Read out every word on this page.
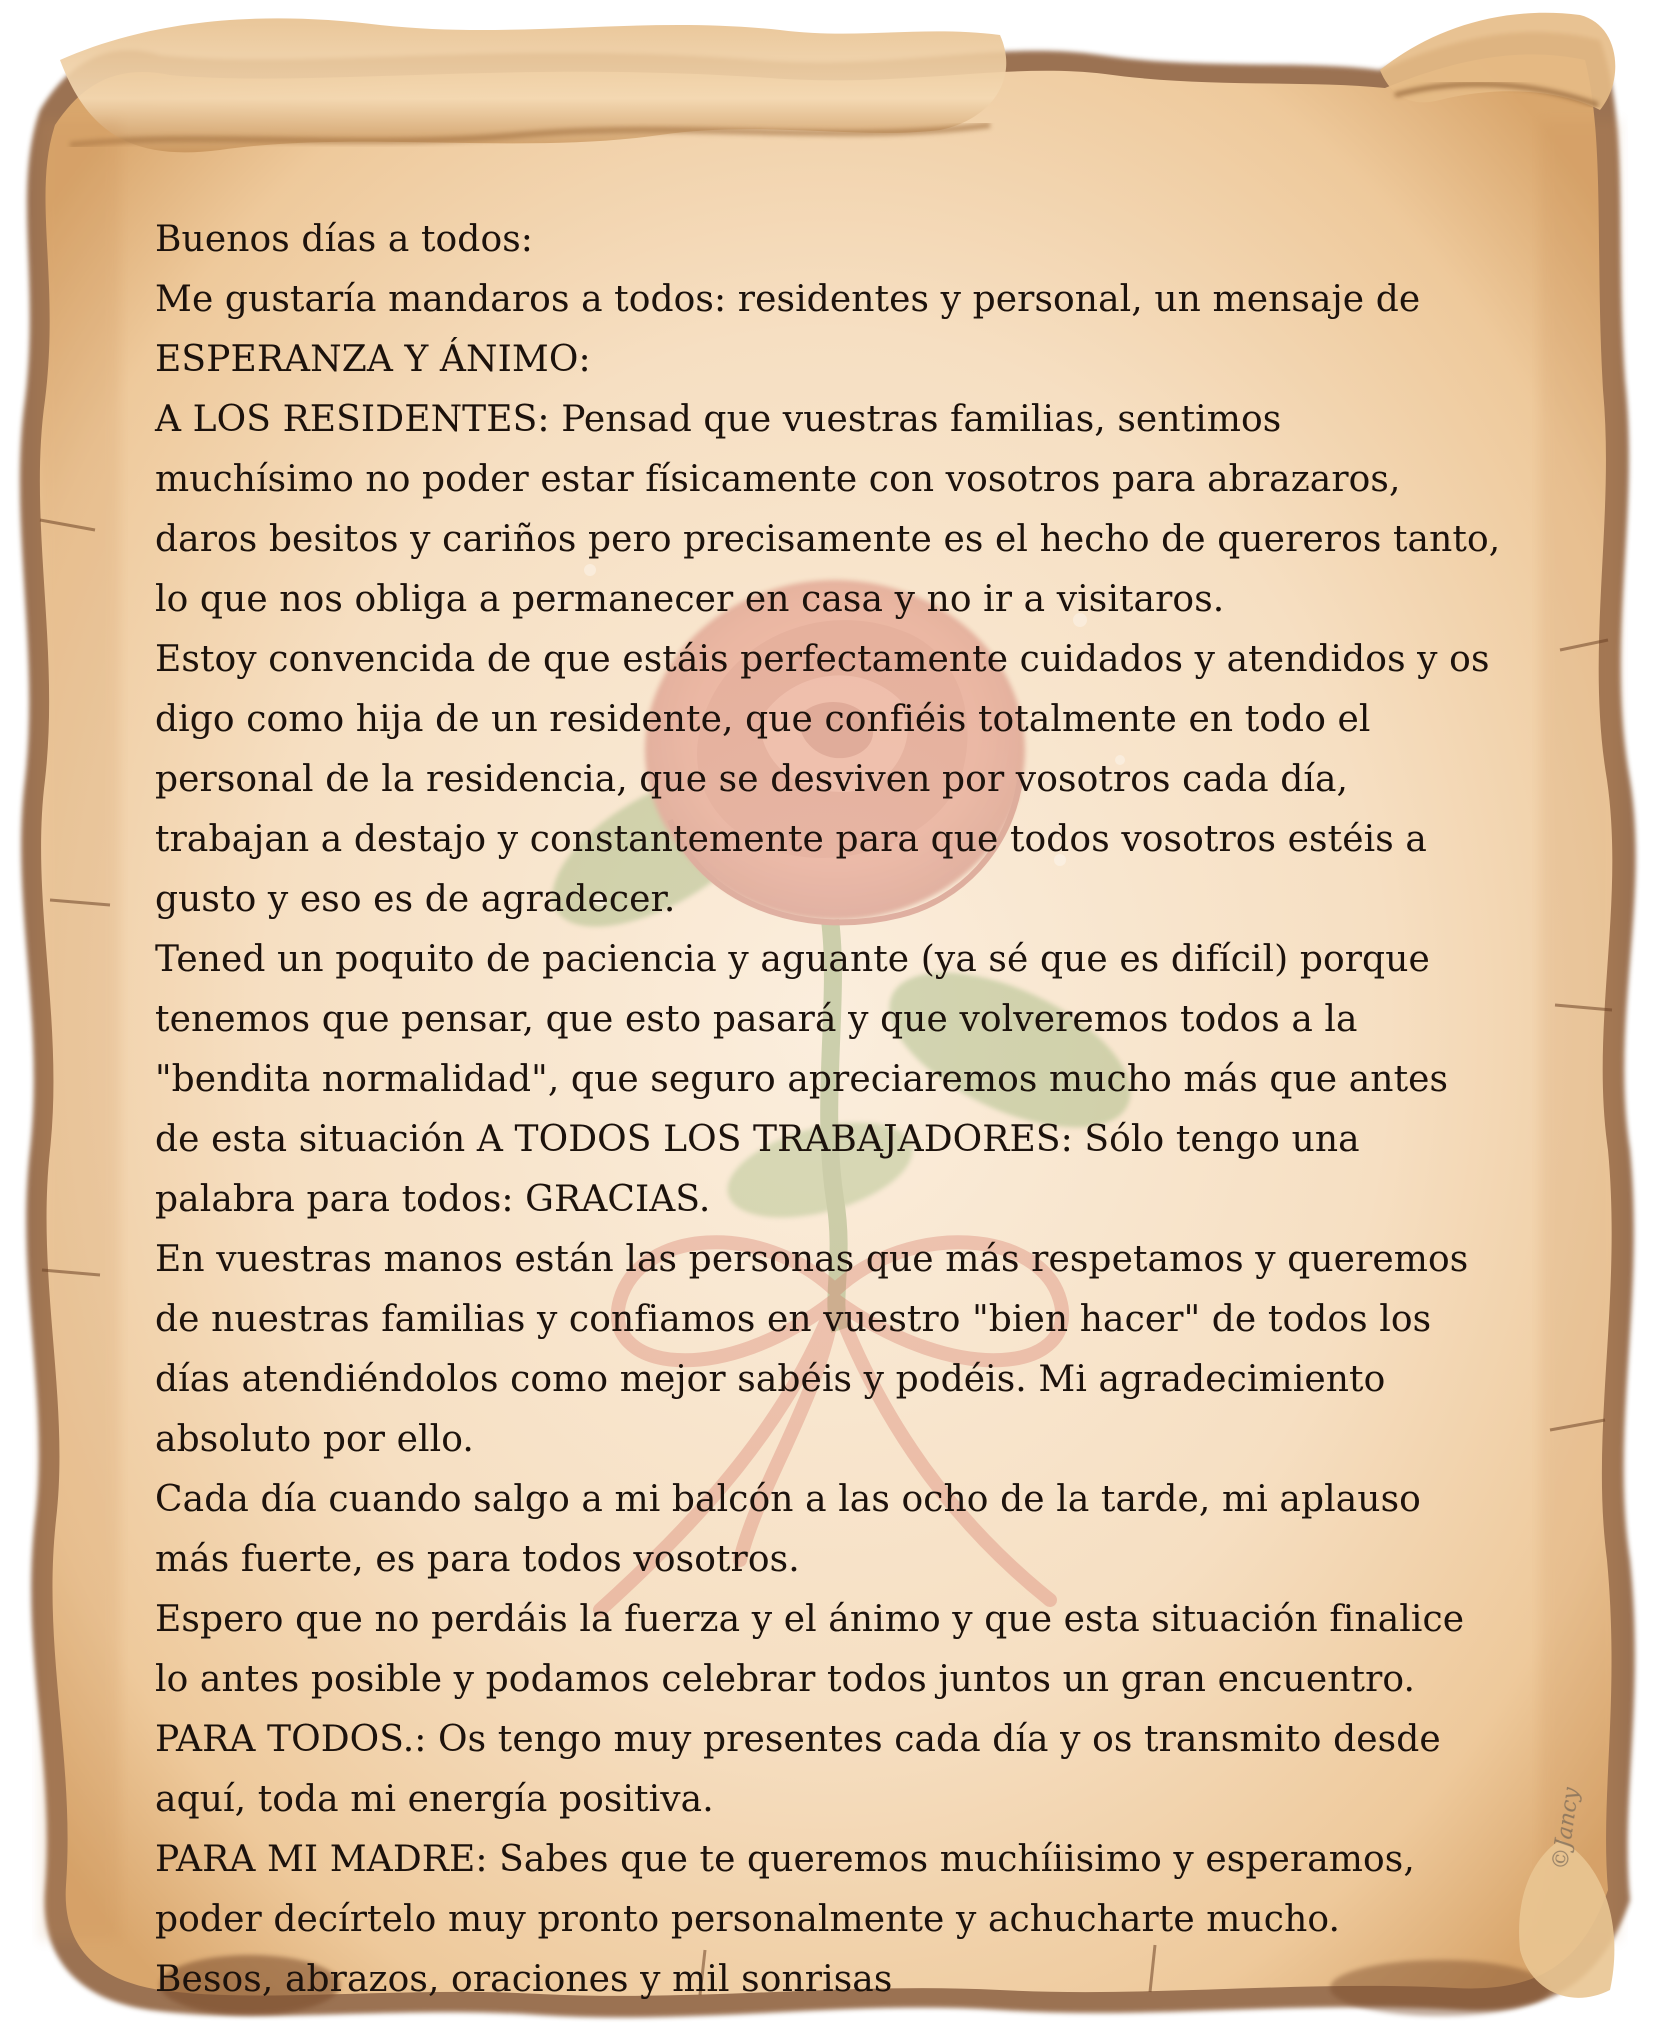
Buenos días a todos:
Me gustaría mandaros a todos: residentes y personal, un mensaje de
ESPERANZA Y ÁNIMO:
A LOS RESIDENTES: Pensad que vuestras familias, sentimos
muchísimo no poder estar físicamente con vosotros para abrazaros,
daros besitos y cariños pero precisamente es el hecho de quereros tanto,
lo que nos obliga a permanecer en casa y no ir a visitaros.
Estoy convencida de que estáis perfectamente cuidados y atendidos y os
digo como hija de un residente, que confiéis totalmente en todo el
personal de la residencia, que se desviven por vosotros cada día,
trabajan a destajo y constantemente para que todos vosotros estéis a
gusto y eso es de agradecer.
Tened un poquito de paciencia y aguante (ya sé que es difícil) porque
tenemos que pensar, que esto pasará y que volveremos todos a la
"bendita normalidad", que seguro apreciaremos mucho más que antes
de esta situación A TODOS LOS TRABAJADORES: Sólo tengo una
palabra para todos: GRACIAS.
En vuestras manos están las personas que más respetamos y queremos
de nuestras familias y confiamos en vuestro "bien hacer" de todos los
días atendiéndolos como mejor sabéis y podéis. Mi agradecimiento
absoluto por ello.
Cada día cuando salgo a mi balcón a las ocho de la tarde, mi aplauso
más fuerte, es para todos vosotros.
Espero que no perdáis la fuerza y el ánimo y que esta situación finalice
lo antes posible y podamos celebrar todos juntos un gran encuentro.
PARA TODOS.: Os tengo muy presentes cada día y os transmito desde
aquí, toda mi energía positiva.
PARA MI MADRE: Sabes que te queremos muchíiisimo y esperamos,
poder decírtelo muy pronto personalmente y achucharte mucho.
Besos, abrazos, oraciones y mil sonrisas
©Jancy
